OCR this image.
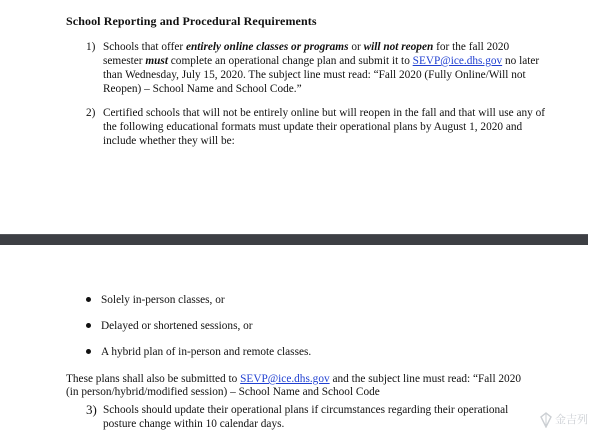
School Reporting and Procedural Requirements
1) Schools that offer entirely online classes or programs or will not reopen for the fall 2020 semester must complete an operational change plan and submit it to SEVP@ice.dhs.gov no later than Wednesday, July 15, 2020. The subject line must read: “Fall 2020 (Fully Online/Will not Reopen) – School Name and School Code.”
2) Certified schools that will not be entirely online but will reopen in the fall and that will use any of the following educational formats must update their operational plans by August 1, 2020 and include whether they will be:
Solely in-person classes, or
Delayed or shortened sessions, or
A hybrid plan of in-person and remote classes.
These plans shall also be submitted to SEVP@ice.dhs.gov and the subject line must read: “Fall 2020 (in person/hybrid/modified session) – School Name and School Code
3) Schools should update their operational plans if circumstances regarding their operational posture change within 10 calendar days.	金吉列
